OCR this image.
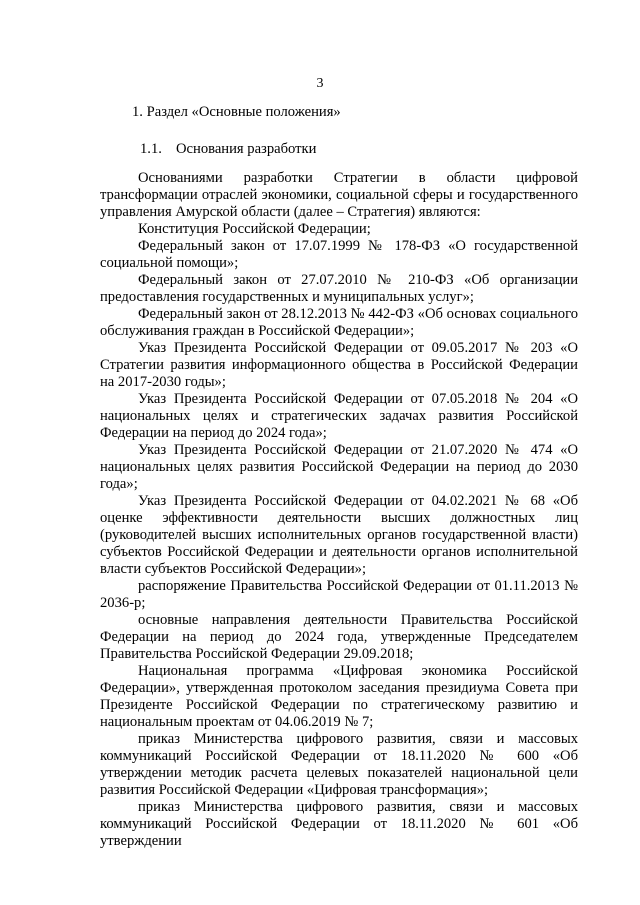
3
1. Раздел «Основные положения»
1.1. Основания разработки

Основаниями разработки Стратегии в области цифровой трансформации отраслей экономики, социальной сферы и государственного управления Амурской области (далее – Стратегия) являются:

Конституция Российской Федерации;

Федеральный закон от 17.07.1999 № 178-ФЗ «О государственной социальной помощи»;

Федеральный закон от 27.07.2010 № 210-ФЗ «Об организации предоставления государственных и муниципальных услуг»;

Федеральный закон от 28.12.2013 № 442-ФЗ «Об основах социального обслуживания граждан в Российской Федерации»;

Указ Президента Российской Федерации от 09.05.2017 № 203 «О Стратегии развития информационного общества в Российской Федерации на 2017-2030 годы»;

Указ Президента Российской Федерации от 07.05.2018 № 204 «О национальных целях и стратегических задачах развития Российской Федерации на период до 2024 года»;

Указ Президента Российской Федерации от 21.07.2020 № 474 «О национальных целях развития Российской Федерации на период до 2030 года»;

Указ Президента Российской Федерации от 04.02.2021 № 68 «Об оценке эффективности деятельности высших должностных лиц (руководителей высших исполнительных органов государственной власти) субъектов Российской Федерации и деятельности органов исполнительной власти субъектов Российской Федерации»;

распоряжение Правительства Российской Федерации от 01.11.2013 № 2036-р;

основные направления деятельности Правительства Российской Федерации на период до 2024 года, утвержденные Председателем Правительства Российской Федерации 29.09.2018;

Национальная программа «Цифровая экономика Российской Федерации», утвержденная протоколом заседания президиума Совета при Президенте Российской Федерации по стратегическому развитию и национальным проектам от 04.06.2019 № 7;

приказ Министерства цифрового развития, связи и массовых коммуникаций Российской Федерации от 18.11.2020 № 600 «Об утверждении методик расчета целевых показателей национальной цели развития Российской Федерации «Цифровая трансформация»;

приказ Министерства цифрового развития, связи и массовых коммуникаций Российской Федерации от 18.11.2020 № 601 «Об утверждении
